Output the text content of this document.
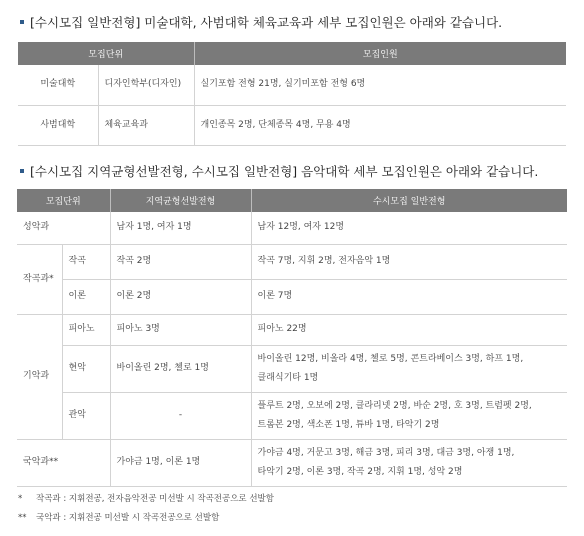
[수시모집 일반전형] 미술대학, 사범대학 체육교육과 세부 모집인원은 아래와 같습니다.
모집단위		모집인원
미술대학	디자인학부(디자인)	실기포함 전형 21명, 실기미포함 전형 6명
사범대학	체육교육과	개인종목 2명, 단체종목 4명, 무용 4명
[수시모집 지역균형선발전형, 수시모집 일반전형] 음악대학 세부 모집인원은 아래와 같습니다.
모집단위		지역균형선발전형	수시모집 일반전형
성악과		남자 1명, 여자 1명	남자 12명, 여자 12명
작곡과*	작곡	작곡 2명	작곡 7명, 지휘 2명, 전자음악 1명
	이론	이론 2명	이론 7명
기악과	피아노	피아노 3명	피아노 22명
	현악	바이올린 2명, 첼로 1명	바이올린 12명, 비올라 4명, 첼로 5명, 콘트라베이스 3명, 하프 1명,
클래식기타 1명

	관악	-	플루트 2명, 오보에 2명, 클라리넷 2명, 바순 2명, 호 3명, 트럼펫 2명,
트롬본 2명, 색소폰 1명, 튜바 1명, 타악기 2명

국악과**		가야금 1명, 이론 1명	가야금 4명, 거문고 3명, 해금 3명, 피리 3명, 대금 3명, 아쟁 1명,
타악기 2명, 이론 3명, 작곡 2명, 지휘 1명, 성악 2명
* 작곡과 : 지휘전공, 전자음악전공 미선발 시 작곡전공으로 선발함
** 국악과 : 지휘전공 미선발 시 작곡전공으로 선발함
